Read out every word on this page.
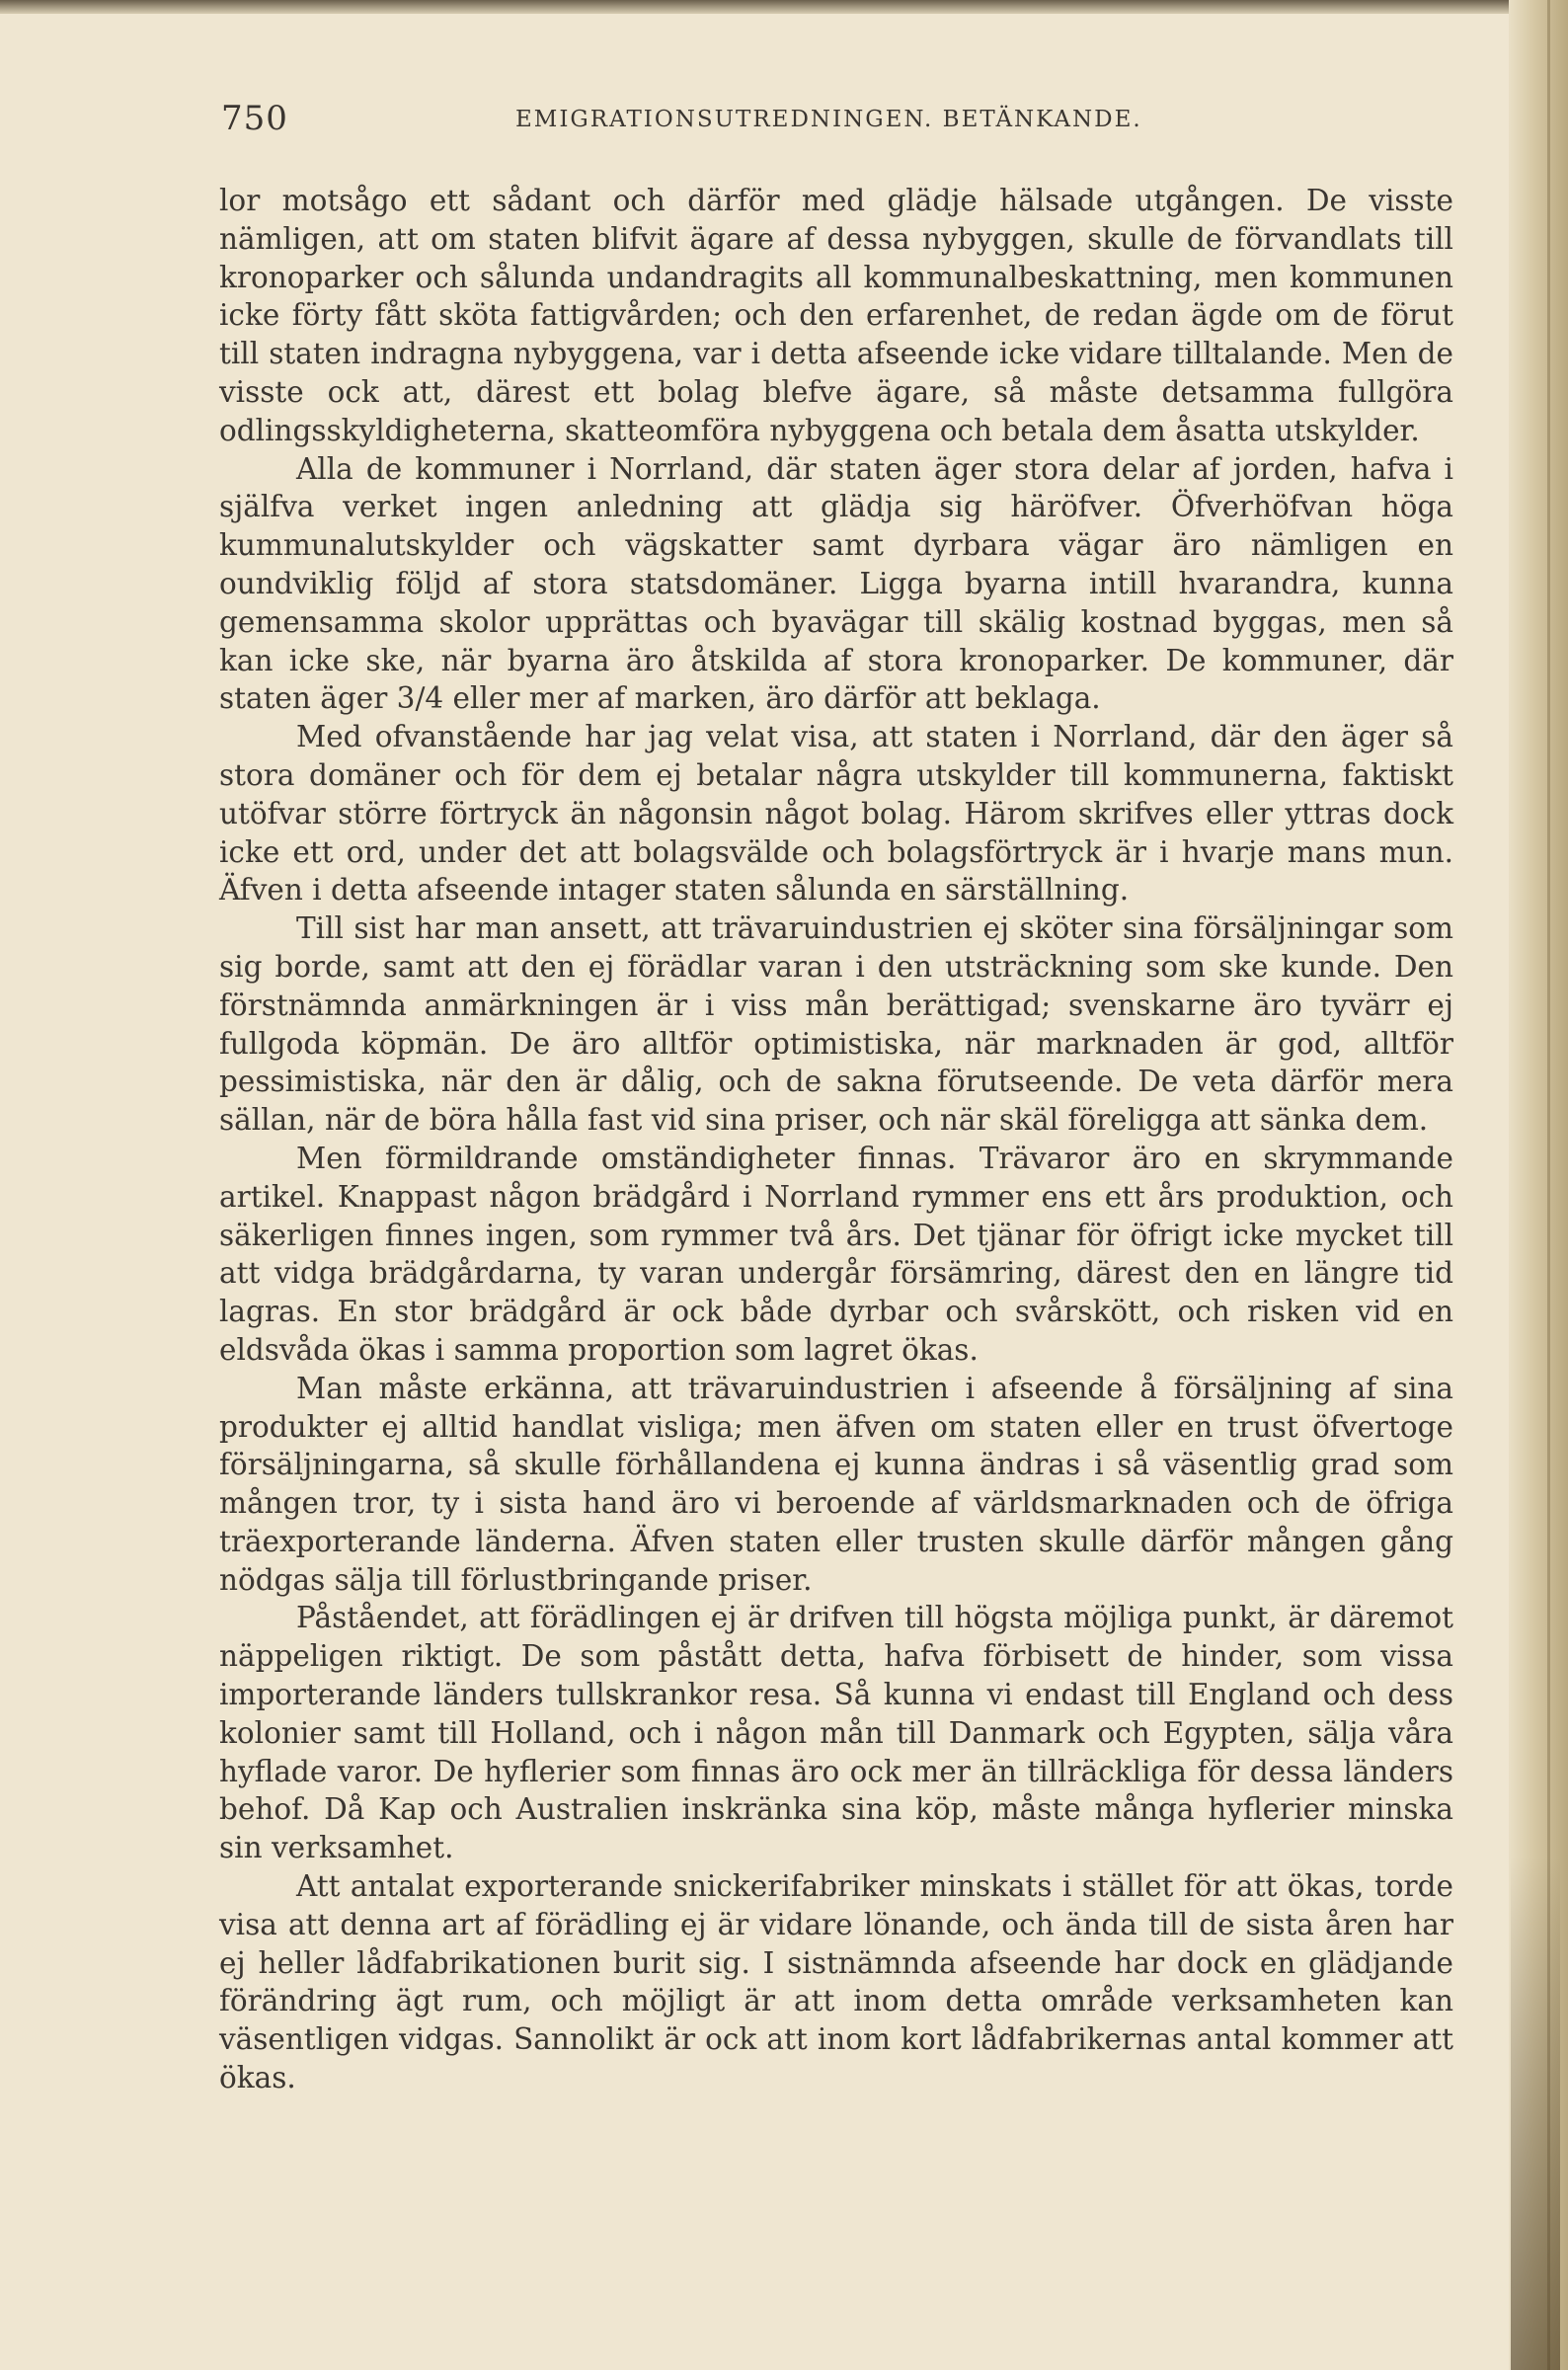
750	EMIGRATIONSUTREDNINGEN. BETÄNKANDE.

lor motsågo ett sådant och därför med glädje hälsade utgången. De visste nämligen, att om staten blifvit ägare af dessa nybyggen, skulle de förvandlats till kronoparker och sålunda undandragits all kommunalbeskattning, men kommunen icke förty fått sköta fattigvården; och den erfarenhet, de redan ägde om de förut till staten indragna nybyggena, var i detta afseende icke vidare tilltalande. Men de visste ock att, därest ett bolag blefve ägare, så måste detsamma fullgöra odlingsskyldigheterna, skatteomföra nybyggena och betala dem åsatta utskylder.

Alla de kommuner i Norrland, där staten äger stora delar af jorden, hafva i själfva verket ingen anledning att glädja sig häröfver. Öfverhöfvan höga kummunalutskylder och vägskatter samt dyrbara vägar äro nämligen en oundviklig följd af stora statsdomäner. Ligga byarna intill hvarandra, kunna gemensamma skolor upprättas och byavägar till skälig kostnad byggas, men så kan icke ske, när byarna äro åtskilda af stora kronoparker. De kommuner, där staten äger 3/4 eller mer af marken, äro därför att beklaga.

Med ofvanstående har jag velat visa, att staten i Norrland, där den äger så stora domäner och för dem ej betalar några utskylder till kommunerna, faktiskt utöfvar större förtryck än någonsin något bolag. Härom skrifves eller yttras dock icke ett ord, under det att bolagsvälde och bolagsförtryck är i hvarje mans mun. Äfven i detta afseende intager staten sålunda en särställning.

Till sist har man ansett, att trävaruindustrien ej sköter sina försäljningar som sig borde, samt att den ej förädlar varan i den utsträckning som ske kunde. Den förstnämnda anmärkningen är i viss mån berättigad; svenskarne äro tyvärr ej fullgoda köpmän. De äro alltför optimistiska, när marknaden är god, alltför pessimistiska, när den är dålig, och de sakna förutseende. De veta därför mera sällan, när de böra hålla fast vid sina priser, och när skäl föreligga att sänka dem.

Men förmildrande omständigheter finnas. Trävaror äro en skrymmande artikel. Knappast någon brädgård i Norrland rymmer ens ett års produktion, och säkerligen finnes ingen, som rymmer två års. Det tjänar för öfrigt icke mycket till att vidga brädgårdarna, ty varan undergår försämring, därest den en längre tid lagras. En stor brädgård är ock både dyrbar och svårskött, och risken vid en eldsvåda ökas i samma proportion som lagret ökas.

Man måste erkänna, att trävaruindustrien i afseende å försäljning af sina produkter ej alltid handlat visliga; men äfven om staten eller en trust öfvertoge försäljningarna, så skulle förhållandena ej kunna ändras i så väsentlig grad som mången tror, ty i sista hand äro vi beroende af världsmarknaden och de öfriga träexporterande länderna. Äfven staten eller trusten skulle därför mången gång nödgas sälja till förlustbringande priser.

Påståendet, att förädlingen ej är drifven till högsta möjliga punkt, är däremot näppeligen riktigt. De som påstått detta, hafva förbisett de hinder, som vissa importerande länders tullskrankor resa. Så kunna vi endast till England och dess kolonier samt till Holland, och i någon mån till Danmark och Egypten, sälja våra hyflade varor. De hyflerier som finnas äro ock mer än tillräckliga för dessa länders behof. Då Kap och Australien inskränka sina köp, måste många hyflerier minska sin verksamhet.

Att antalat exporterande snickerifabriker minskats i stället för att ökas, torde visa att denna art af förädling ej är vidare lönande, och ända till de sista åren har ej heller lådfabrikationen burit sig. I sistnämnda afseende har dock en glädjande förändring ägt rum, och möjligt är att inom detta område verksamheten kan väsentligen vidgas. Sannolikt är ock att inom kort lådfabrikernas antal kommer att ökas.
